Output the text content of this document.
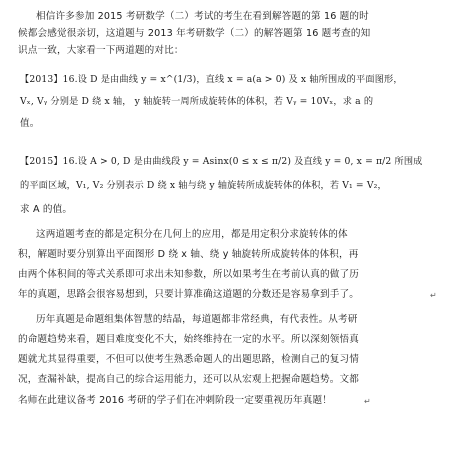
相信许多参加 2015 考研数学（二）考试的考生在看到解答题的第 16 题的时
候都会感觉很亲切，这道题与 2013 年考研数学（二）的解答题第 16 题考查的知
识点一致，大家看一下两道题的对比：
【2013】16.设 D 是由曲线 y = x^(1/3)，直线 x = a(a > 0) 及 x 轴所围成的平面图形，
Vₓ, Vᵧ 分别是 D 绕 x 轴， y 轴旋转一周所成旋转体的体积，若 Vᵧ = 10Vₓ，求 a 的
值。
【2015】16.设 A > 0, D 是由曲线段 y = Asinx(0 ≤ x ≤ π/2) 及直线 y = 0, x = π/2 所围成
的平面区域，V₁, V₂ 分别表示 D 绕 x 轴与绕 y 轴旋转所成旋转体的体积，若 V₁ = V₂，
求 A 的值。
这两道题考查的都是定积分在几何上的应用，都是用定积分求旋转体的体
积，解题时要分别算出平面图形 D 绕 x 轴、绕 y 轴旋转所成旋转体的体积，再
由两个体积间的等式关系即可求出未知参数，所以如果考生在考前认真的做了历
年的真题，思路会很容易想到，只要计算准确这道题的分数还是容易拿到手了。	↵
历年真题是命题组集体智慧的结晶，每道题都非常经典，有代表性。从考研
的命题趋势来看，题目难度变化不大，始终维持在一定的水平。所以深刻领悟真
题就尤其显得重要，不但可以使考生熟悉命题人的出题思路，检测自己的复习情
况，查漏补缺，提高自己的综合运用能力，还可以从宏观上把握命题趋势。文都
名师在此建议备考 2016 考研的学子们在冲刺阶段一定要重视历年真题！	↵
